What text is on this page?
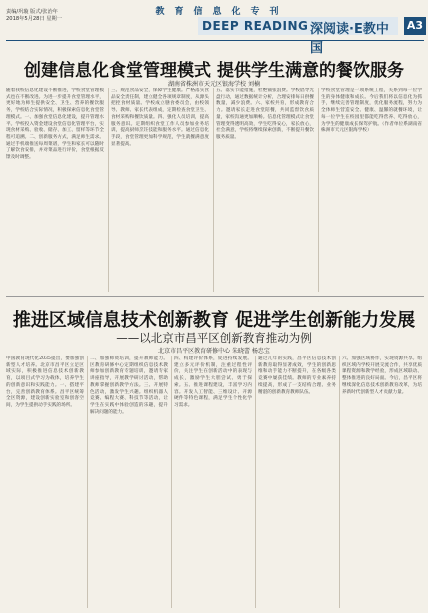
教育信息化专刊
责编/巩璇 版式/张治年
2018年5月28日 星期一	DEEP READING 深阅读·E教中国
A3
创建信息化食堂管理模式 提供学生满意的餐饮服务
湖南省株洲市天元区银海学校 刘楠
随着我校信息化建设不断推进，学校食堂管理模式也在不断改进。为进一步提升食堂管理水平，更好地为师生提供安全、卫生、营养的餐饮服务，学校结合实际情况，积极探索信息化食堂管理模式。一、加强食堂信息化建设，提升管理水平。学校投入资金建设食堂信息化管理平台，实现食材采购、验收、储存、加工、留样等环节全程可追溯。二、创新服务方式，满足师生需求。通过手机端推送每周菜谱，学生和家长可以随时了解饮食安排，并对菜品进行评价，食堂根据反馈及时调整。
三、规范食品安全，保障学生健康。严格落实食品安全责任制，建立健全各项规章制度，从源头把控食材质量。学校成立膳食委员会，由校领导、教师、家长代表组成，定期检查食堂卫生、食材采购和餐饮质量。四、强化人员培训，提高服务意识。定期组织食堂工作人员参加业务培训，提高厨师烹饪技能和服务水平。通过信息化手段，食堂管理更加科学规范，学生就餐满意度显著提高。
五、落实节能措施，杜绝铺张浪费。学校倡导光盘行动，通过数据统计分析，合理安排每日供餐数量，减少浪费。六、家校共育，形成教育合力。邀请家长走进食堂陪餐，共同监督饮食质量，家校沟通更加顺畅。信息化管理模式让食堂管理变得透明高效，学生吃得安心，家长放心，社会满意，学校将继续探索创新，不断提升餐饮服务质量。
学校食堂管理是一项系统工程，关系到每一位学生的身体健康和成长。今后我们将以信息化为抓手，继续完善管理制度，优化服务流程，努力为全体师生营造安全、健康、温馨的就餐环境，让每一位学生在校园里都能吃得营养、吃得放心，为学生的健康成长保驾护航。（作者单位系湖南省株洲市天元区银海学校）
推进区域信息技术创新教育 促进学生创新能力发展
——以北京市昌平区创新教育推动为例
北京市昌平区教育研修中心 朱晓蕾 杨忠宝
中国教育现代化2035提出，要加强创新型人才培养。北京市昌平区立足区域实际，积极推进信息技术创新教育，以项目式学习为载体，培养学生的创新意识和实践能力。一、搭建平台，完善创新教育体系。昌平区统筹全区资源，建设创新实验室和创客空间，为学生提供动手实践的场所。
二、加强师资培训，提升教师能力。区教育研修中心定期组织信息技术教师参加创新教育专题培训，邀请专家讲座指导，开展教学研讨活动，帮助教师掌握创新教学方法。三、开展特色活动，激发学生兴趣。组织机器人竞赛、编程大赛、科技节等活动，让学生在实践中体验创造的乐趣，提升解决问题的能力。
四、构建评价体系，促进持续发展。建立多元评价机制，注重过程性评价，关注学生在创新活动中的表现与成长，激励学生大胆尝试、勇于探索。五、推进课程建设，丰富学习内容。开发人工智能、三维设计、开源硬件等特色课程，满足学生个性化学习需求。
通过几年的实践，昌平区信息技术创新教育取得显著成效，学生的创新思维和动手能力不断提升，在各级各类竞赛中屡获佳绩。教师的专业素养持续提高，形成了一支结构合理、业务精湛的创新教育教师队伍。
六、加强区域协作，实现资源共享。组织区域内学校开展交流合作，共享优质课程资源和教学经验，形成区域联动、整体推进的良好局面。今后，昌平区将继续深化信息技术创新教育改革，为培养新时代创新型人才贡献力量。
